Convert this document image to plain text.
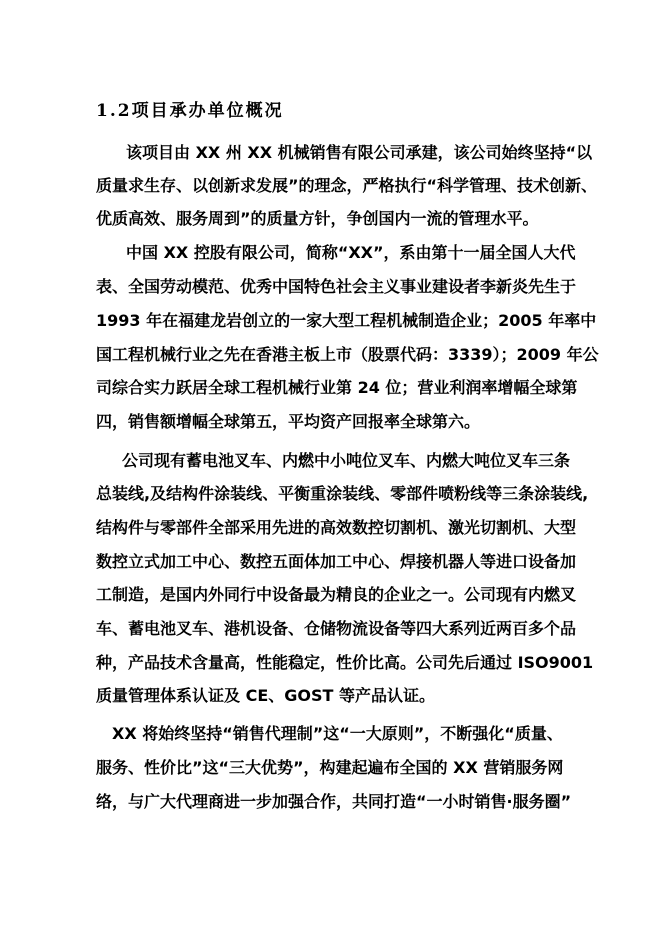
1.2项目承办单位概况
该项目由 XX 州 XX 机械销售有限公司承建，该公司始终坚持“以
质量求生存、以创新求发展”的理念，严格执行“科学管理、技术创新、
优质高效、服务周到”的质量方针，争创国内一流的管理水平。
中国 XX 控股有限公司，简称“XX”，系由第十一届全国人大代
表、全国劳动模范、优秀中国特色社会主义事业建设者李新炎先生于
1993 年在福建龙岩创立的一家大型工程机械制造企业；2005 年率中
国工程机械行业之先在香港主板上市（股票代码：3339）；2009 年公
司综合实力跃居全球工程机械行业第 24 位；营业利润率增幅全球第
四，销售额增幅全球第五，平均资产回报率全球第六。
公司现有蓄电池叉车、内燃中小吨位叉车、内燃大吨位叉车三条
总装线,及结构件涂装线、平衡重涂装线、零部件喷粉线等三条涂装线,
结构件与零部件全部采用先进的高效数控切割机、激光切割机、大型
数控立式加工中心、数控五面体加工中心、焊接机器人等进口设备加
工制造，是国内外同行中设备最为精良的企业之一。公司现有内燃叉
车、蓄电池叉车、港机设备、仓储物流设备等四大系列近两百多个品
种，产品技术含量高，性能稳定，性价比高。公司先后通过 ISO9001
质量管理体系认证及 CE、GOST 等产品认证。
XX 将始终坚持“销售代理制”这“一大原则”，不断强化“质量、
服务、性价比”这“三大优势”，构建起遍布全国的 XX 营销服务网
络，与广大代理商进一步加强合作，共同打造“一小时销售·服务圈”
